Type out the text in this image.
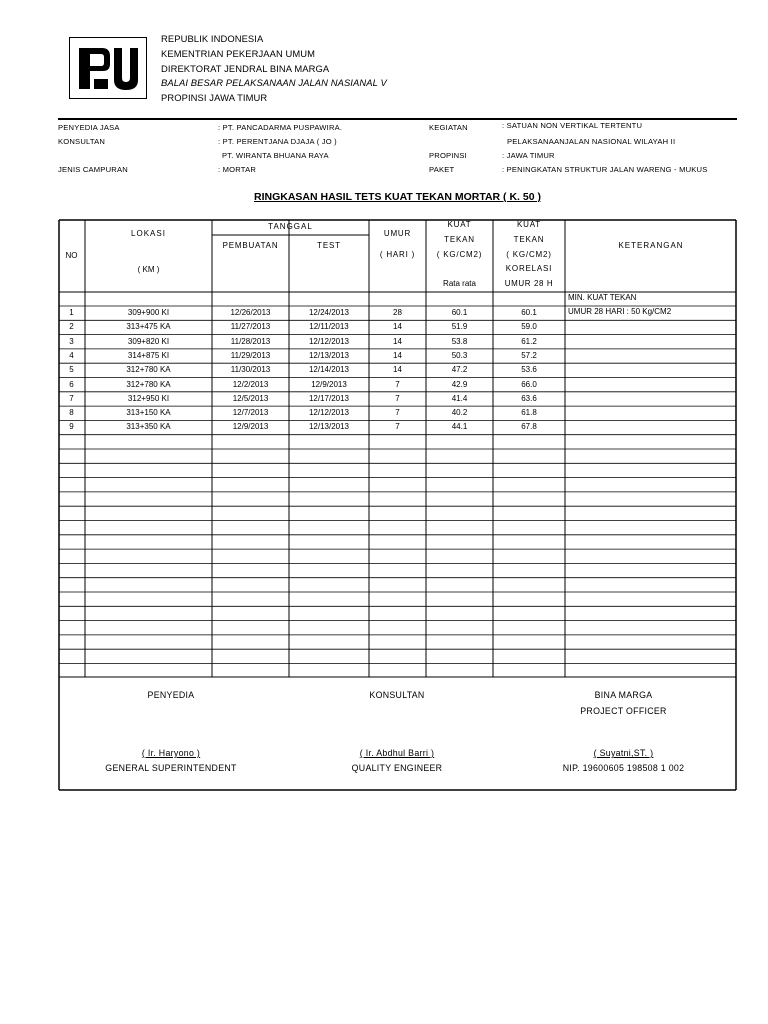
REPUBLIK INDONESIA
KEMENTRIAN PEKERJAAN UMUM
DIREKTORAT JENDRAL BINA MARGA
BALAI BESAR PELAKSANAAN JALAN NASIANAL V
PROPINSI JAWA TIMUR
PENYEDIA JASA	: PT. PANCADARMA PUSPAWIRA.
KONSULTAN	: PT. PERENTJANA DJAJA ( JO )
PT. WIRANTA BHUANA RAYA
JENIS CAMPURAN	: MORTAR
KEGIATAN	: SATUAN NON VERTIKAL TERTENTU
PELAKSANAANJALAN NASIONAL WILAYAH II
PROPINSI	: JAWA TIMUR
PAKET	: PENINGKATAN STRUKTUR JALAN WARENG - MUKUS
RINGKASAN HASIL TETS KUAT TEKAN MORTAR ( K. 50 )
NO
LOKASI
( KM )
TANGGAL
PEMBUATAN	TEST
UMUR
( HARI )
KUAT
TEKAN
( KG/CM2)
Rata rata
KUAT
TEKAN
( KG/CM2)
KORELASI
UMUR 28 H
KETERANGAN
MIN. KUAT TEKAN
UMUR 28 HARI : 50 Kg/CM2
1	309+900 KI	12/26/2013	12/24/2013	28	60.1	60.1
2	313+475 KA	11/27/2013	12/11/2013	14	51.9	59.0
3	309+820 KI	11/28/2013	12/12/2013	14	53.8	61.2
4	314+875 KI	11/29/2013	12/13/2013	14	50.3	57.2
5	312+780 KA	11/30/2013	12/14/2013	14	47.2	53.6
6	312+780 KA	12/2/2013	12/9/2013	7	42.9	66.0
7	312+950 KI	12/5/2013	12/17/2013	7	41.4	63.6
8	313+150 KA	12/7/2013	12/12/2013	7	40.2	61.8
9	313+350 KA	12/9/2013	12/13/2013	7	44.1	67.8
PENYEDIA	KONSULTAN	BINA MARGA
PROJECT OFFICER
( Ir. Haryono )	( Ir. Abdhul Barri )	( Suyatni,ST. )
GENERAL SUPERINTENDENT	QUALITY ENGINEER	NIP. 19600605 198508 1 002
